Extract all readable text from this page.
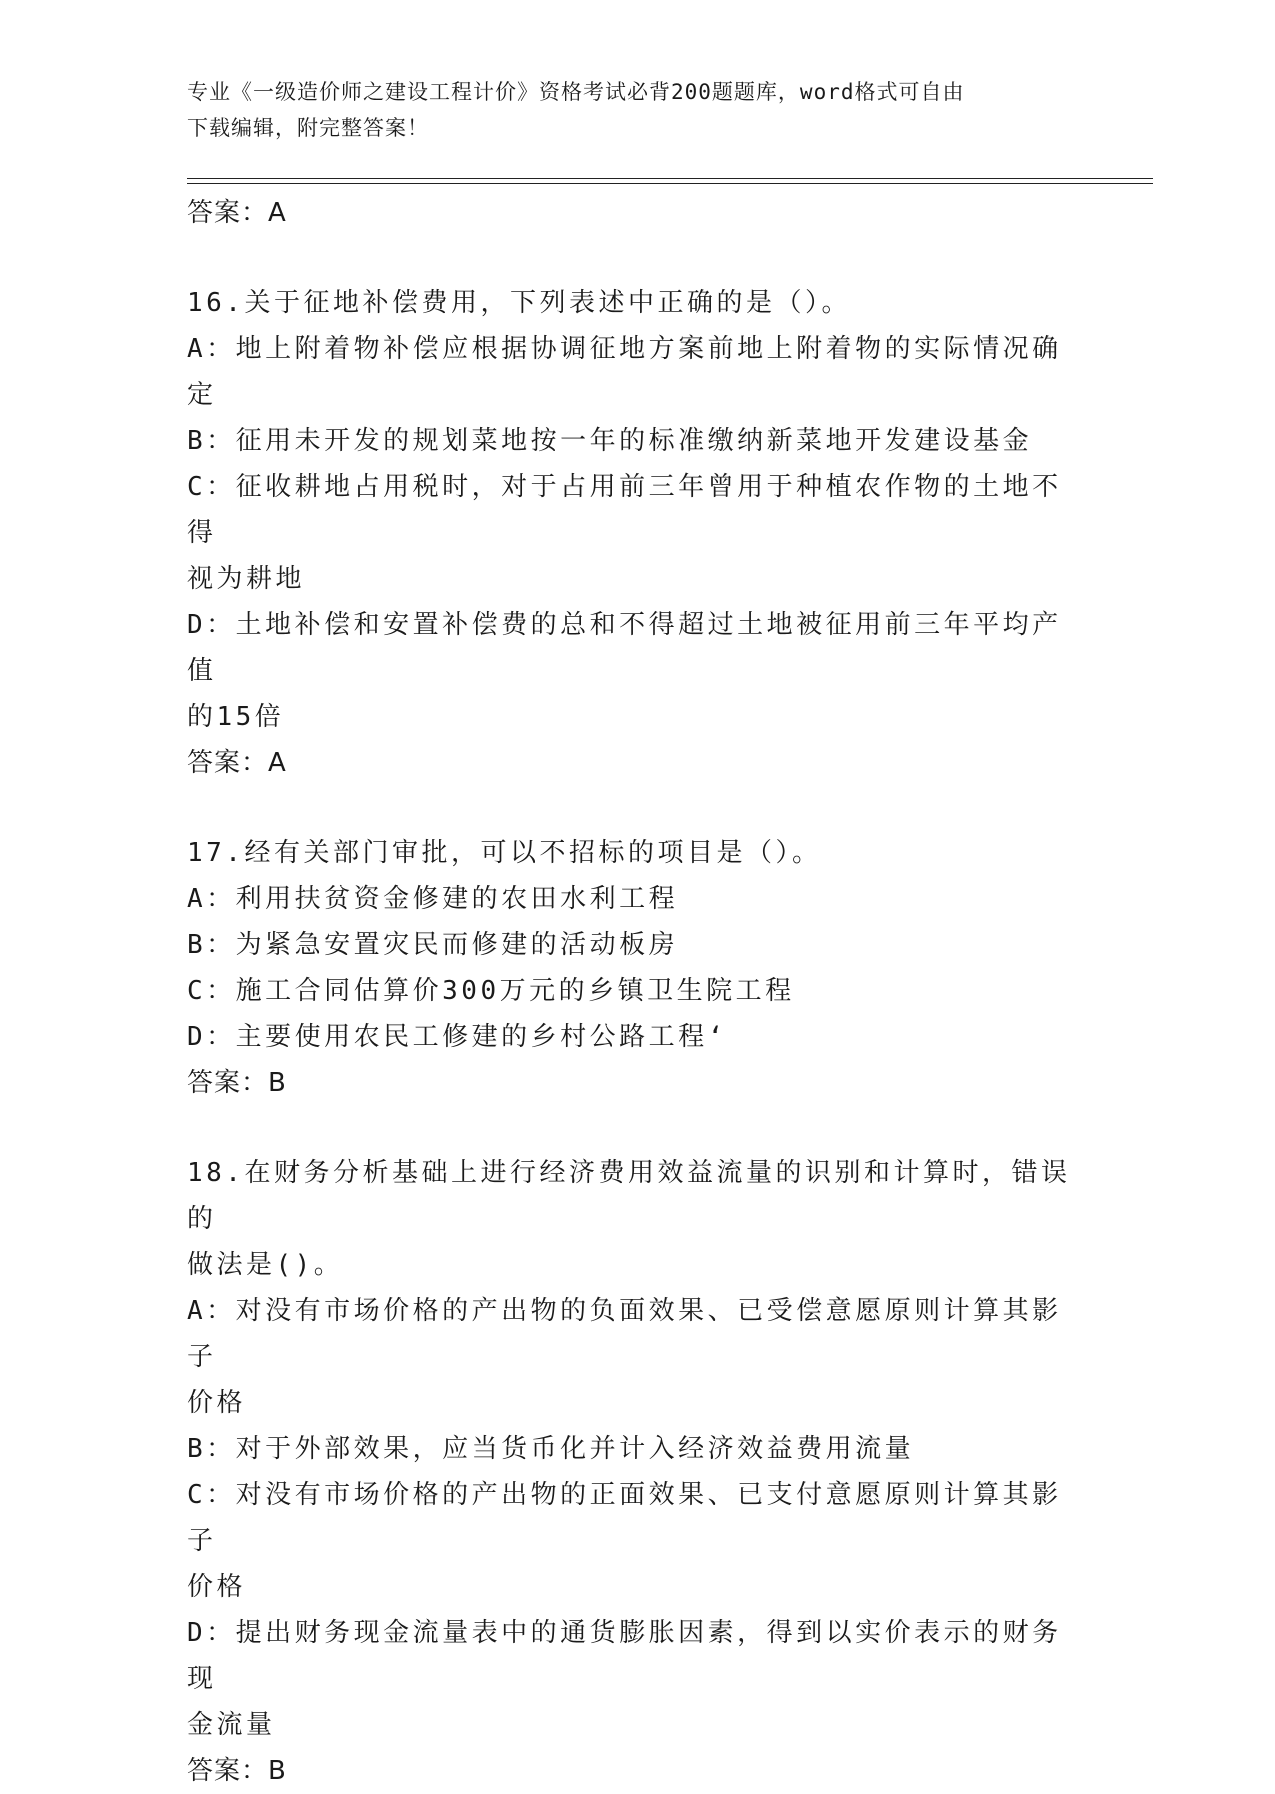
专业《一级造价师之建设工程计价》资格考试必背200题题库，word格式可自由
下载编辑，附完整答案！
答案：A
16.关于征地补偿费用，下列表述中正确的是（）。
A：地上附着物补偿应根据协调征地方案前地上附着物的实际情况确定
B：征用未开发的规划菜地按一年的标准缴纳新菜地开发建设基金
C：征收耕地占用税时，对于占用前三年曾用于种植农作物的土地不得
视为耕地
D：土地补偿和安置补偿费的总和不得超过土地被征用前三年平均产值
的15倍
答案：A
17.经有关部门审批，可以不招标的项目是（）。
A：利用扶贫资金修建的农田水利工程
B：为紧急安置灾民而修建的活动板房
C：施工合同估算价300万元的乡镇卫生院工程
D：主要使用农民工修建的乡村公路工程‘
答案：B
18.在财务分析基础上进行经济费用效益流量的识别和计算时，错误的
做法是()。
A：对没有市场价格的产出物的负面效果、已受偿意愿原则计算其影子
价格
B：对于外部效果，应当货币化并计入经济效益费用流量
C：对没有市场价格的产出物的正面效果、已支付意愿原则计算其影子
价格
D：提出财务现金流量表中的通货膨胀因素，得到以实价表示的财务现
金流量
答案：B
